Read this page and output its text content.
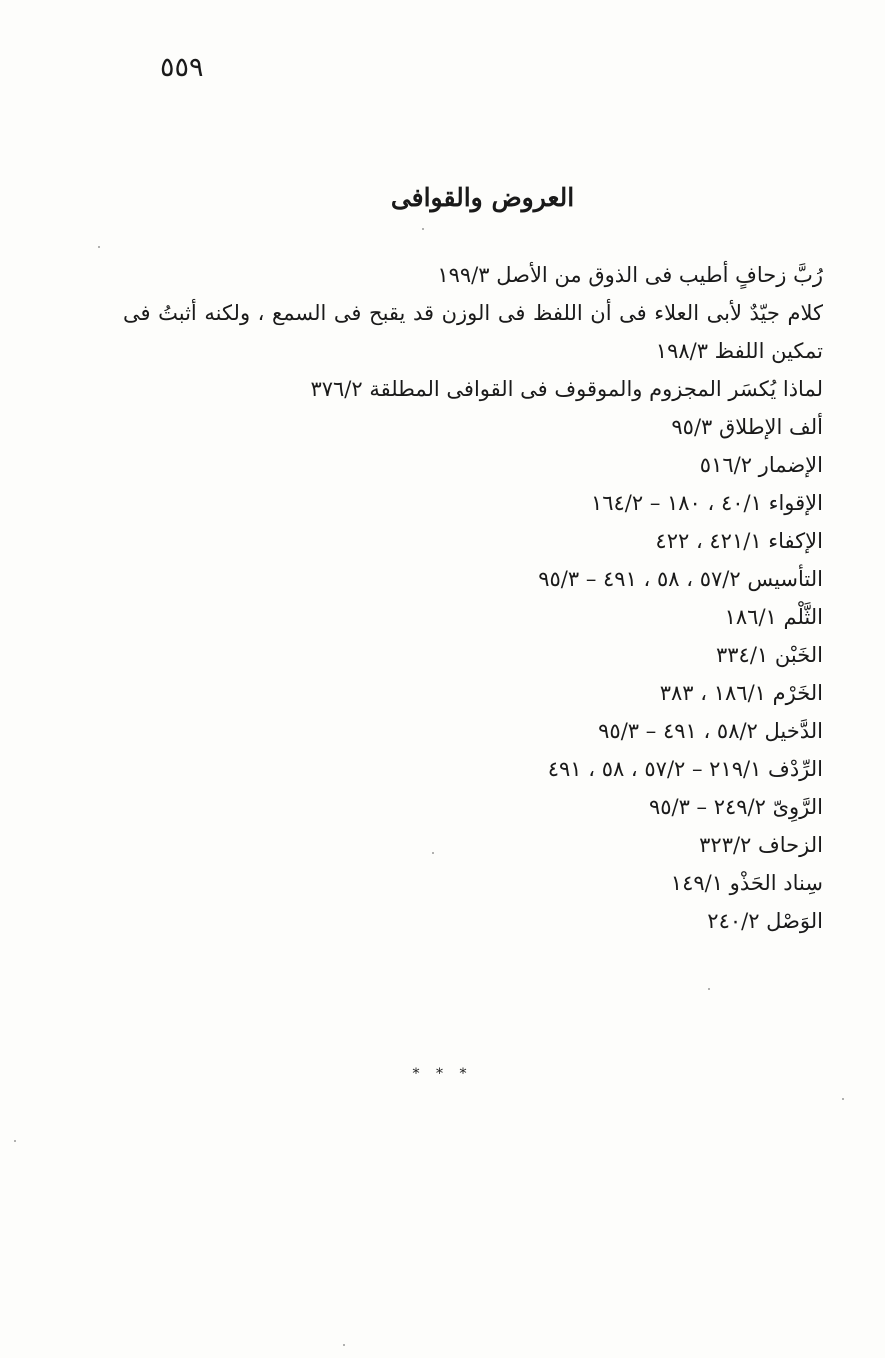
٥٥٩
العروض والقوافى
رُبَّ زحافٍ أطيب فى الذوق من الأصل ١٩٩/٣
كلام جيّدٌ لأبى العلاء فى أن اللفظ فى الوزن قد يقبح فى السمع ، ولكنه أثبتُ فى تمكين اللفظ ١٩٨/٣
لماذا يُكسَر المجزوم والموقوف فى القوافى المطلقة ٣٧٦/٢
ألف الإطلاق ٩٥/٣
الإضمار ٥١٦/٢
الإقواء ٤٠/١ ، ١٨٠ – ١٦٤/٢
الإكفاء ٤٢١/١ ، ٤٢٢
التأسيس ٥٧/٢ ، ٥٨ ، ٤٩١ – ٩٥/٣
الثَّلْم ١٨٦/١
الخَبْن ٣٣٤/١
الخَرْم ١٨٦/١ ، ٣٨٣
الدَّخيل ٥٨/٢ ، ٤٩١ – ٩٥/٣
الرِّدْف ٢١٩/١ – ٥٧/٢ ، ٥٨ ، ٤٩١
الرَّوِىّ ٢٤٩/٢ – ٩٥/٣
الزحاف ٣٢٣/٢
سِناد الحَذْو ١٤٩/١
الوَصْل ٢٤٠/٢
* * *
